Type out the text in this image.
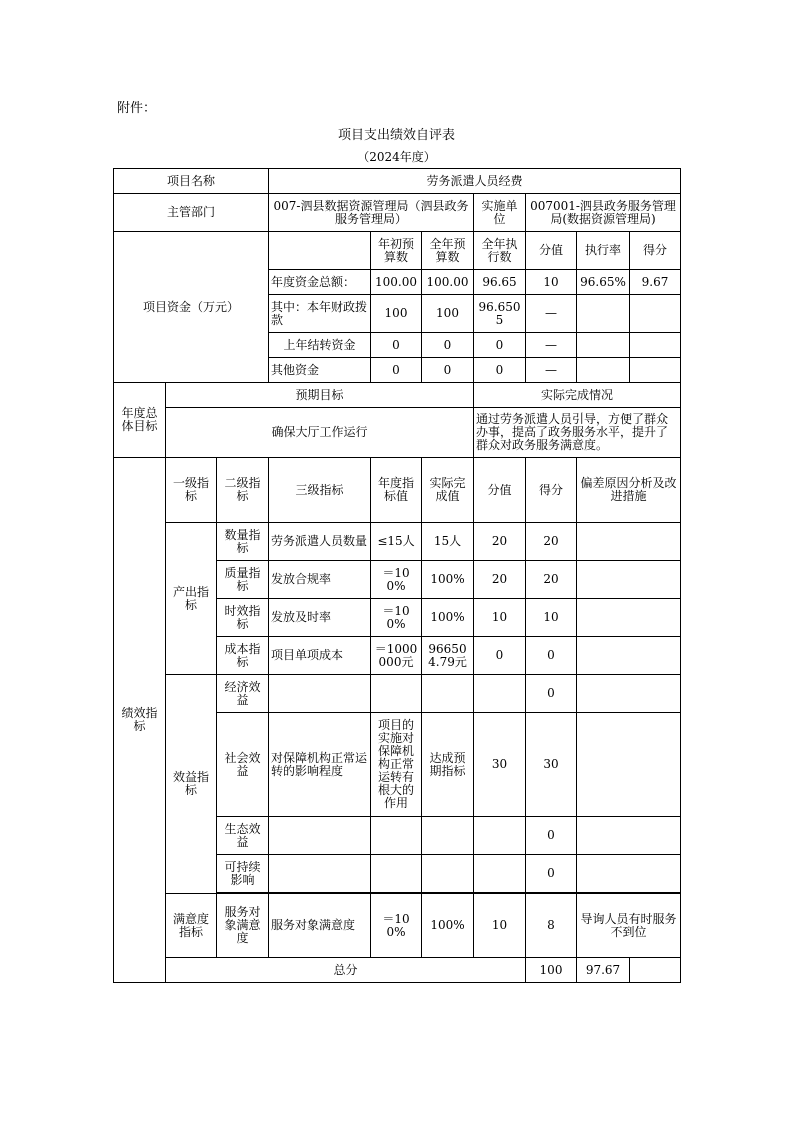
附件：
项目支出绩效自评表
（2024年度）
项目名称			劳务派遣人员经费						
主管部门			007-泗县数据资源管理局（泗县政务服务管理局）			实施单位	007001-泗县政务服务管理局(数据资源管理局)		
项目资金（万元）				年初预算数	全年预算数	全年执行数	分值	执行率	得分
			年度资金总额：	100.00	100.00	96.65	10	96.65%	9.67
			其中：本年财政拨款	100	100	96.6505	—		
			上年结转资金	0	0	0	—		
			其他资金	0	0	0	—		
年度总体目标	预期目标					实际完成情况			
	确保大厅工作运行					通过劳务派遣人员引导，方便了群众办事，提高了政务服务水平，提升了群众对政务服务满意度。			
绩效指标	一级指标	二级指标	三级指标	年度指标值	实际完成值	分值	得分	偏差原因分析及改进措施	
	产出指标	数量指标	劳务派遣人员数量	≤15人	15人	20	20		
		质量指标	发放合规率	＝100%	100%	20	20		
		时效指标	发放及时率	＝100%	100%	10	10		
		成本指标	项目单项成本	＝1000000元	966504.79元	0	0		
	效益指标	经济效益					0		
		社会效益	对保障机构正常运转的影响程度	项目的实施对保障机构正常运转有根大的作用	达成预期指标	30	30		
		生态效益					0		
		可持续影响					0		

	满意度指标	服务对象满意度	服务对象满意度	＝100%	100%	10	8	导询人员有时服务不到位	
	总分						100	97.67	
